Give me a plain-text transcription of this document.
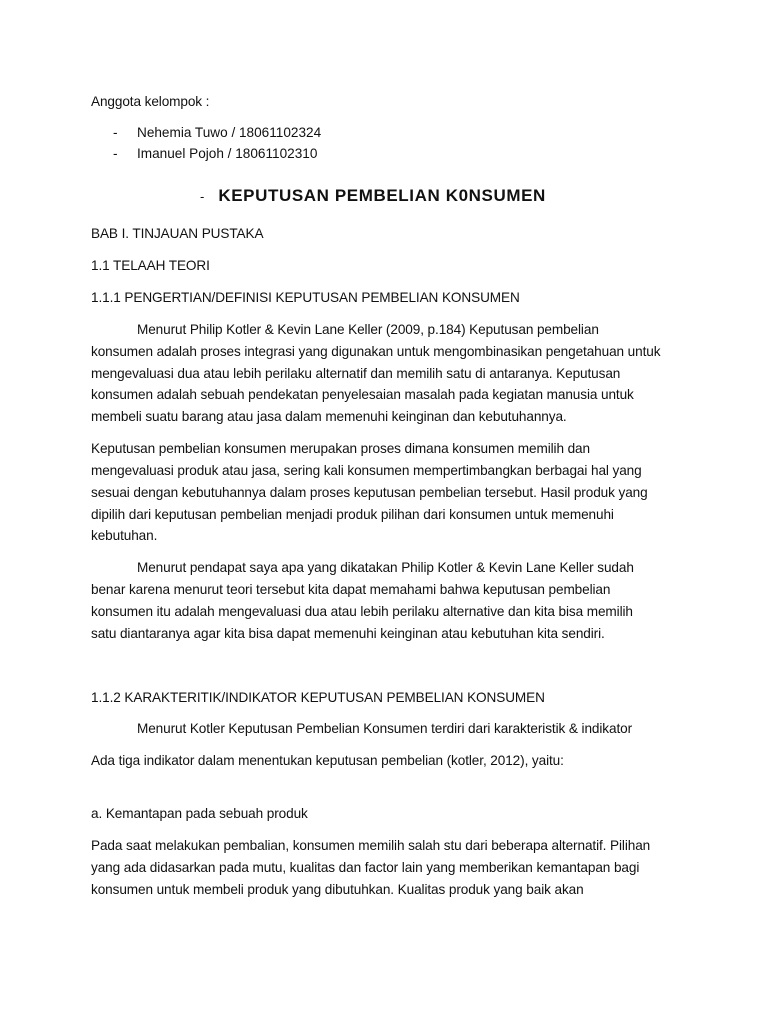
Anggota kelompok :
- Nehemia Tuwo / 18061102324
- Imanuel Pojoh / 18061102310
- KEPUTUSAN PEMBELIAN K0NSUMEN
BAB I. TINJAUAN PUSTAKA
1.1 TELAAH TEORI
1.1.1 PENGERTIAN/DEFINISI KEPUTUSAN PEMBELIAN KONSUMEN
Menurut Philip Kotler & Kevin Lane Keller (2009, p.184) Keputusan pembelian
konsumen adalah proses integrasi yang digunakan untuk mengombinasikan pengetahuan untuk
mengevaluasi dua atau lebih perilaku alternatif dan memilih satu di antaranya. Keputusan
konsumen adalah sebuah pendekatan penyelesaian masalah pada kegiatan manusia untuk
membeli suatu barang atau jasa dalam memenuhi keinginan dan kebutuhannya.
Keputusan pembelian konsumen merupakan proses dimana konsumen memilih dan
mengevaluasi produk atau jasa, sering kali konsumen mempertimbangkan berbagai hal yang
sesuai dengan kebutuhannya dalam proses keputusan pembelian tersebut. Hasil produk yang
dipilih dari keputusan pembelian menjadi produk pilihan dari konsumen untuk memenuhi
kebutuhan.
Menurut pendapat saya apa yang dikatakan Philip Kotler & Kevin Lane Keller sudah
benar karena menurut teori tersebut kita dapat memahami bahwa keputusan pembelian
konsumen itu adalah mengevaluasi dua atau lebih perilaku alternative dan kita bisa memilih
satu diantaranya agar kita bisa dapat memenuhi keinginan atau kebutuhan kita sendiri.
1.1.2 KARAKTERITIK/INDIKATOR KEPUTUSAN PEMBELIAN KONSUMEN
Menurut Kotler Keputusan Pembelian Konsumen terdiri dari karakteristik & indikator
Ada tiga indikator dalam menentukan keputusan pembelian (kotler, 2012), yaitu:
a. Kemantapan pada sebuah produk
Pada saat melakukan pembalian, konsumen memilih salah stu dari beberapa alternatif. Pilihan
yang ada didasarkan pada mutu, kualitas dan factor lain yang memberikan kemantapan bagi
konsumen untuk membeli produk yang dibutuhkan. Kualitas produk yang baik akan
